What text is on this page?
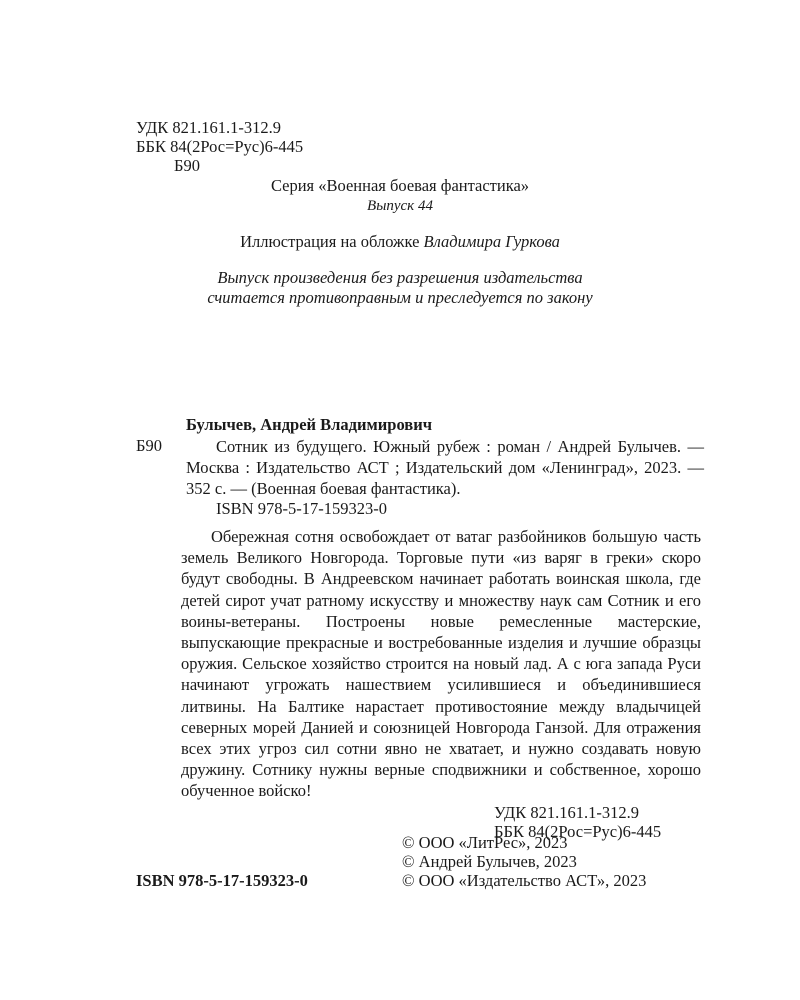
УДК 821.161.1-312.9
ББК 84(2Рос=Рус)6-445
Б90
Серия «Военная боевая фантастика»
Выпуск 44
Иллюстрация на обложке Владимира Гуркова
Выпуск произведения без разрешения издательства
считается противоправным и преследуется по закону
Булычев, Андрей Владимирович
Б90	Сотник из будущего. Южный рубеж : роман / Андрей Булычев. — Москва : Издательство АСТ ; Издательский дом «Ленинград», 2023. — 352 с. — (Военная боевая фантастика).

ISBN 978-5-17-159323-0

Обережная сотня освобождает от ватаг разбойников большую часть земель Великого Новгорода. Торговые пути «из варяг в греки» скоро будут свободны. В Андреевском начинает работать воинская школа, где детей сирот учат ратному искусству и множеству наук сам Сотник и его воины-ветераны. Построены новые ремесленные мастерские, выпускающие прекрасные и востребованные изделия и лучшие образцы оружия. Сельское хозяйство строится на новый лад. А с юга запада Руси начинают угрожать нашествием усилившиеся и объединившиеся литвины. На Балтике нарастает противостояние между владычицей северных морей Данией и союзницей Новгорода Ганзой. Для отражения всех этих угроз сил сотни явно не хватает, и нужно создавать новую дружину. Сотнику нужны верные сподвижники и собственное, хорошо обученное войско!

УДК 821.161.1-312.9
ББК 84(2Рос=Рус)6-445
© ООО «ЛитРес», 2023
© Андрей Булычев, 2023
© ООО «Издательство АСТ», 2023
ISBN 978-5-17-159323-0
